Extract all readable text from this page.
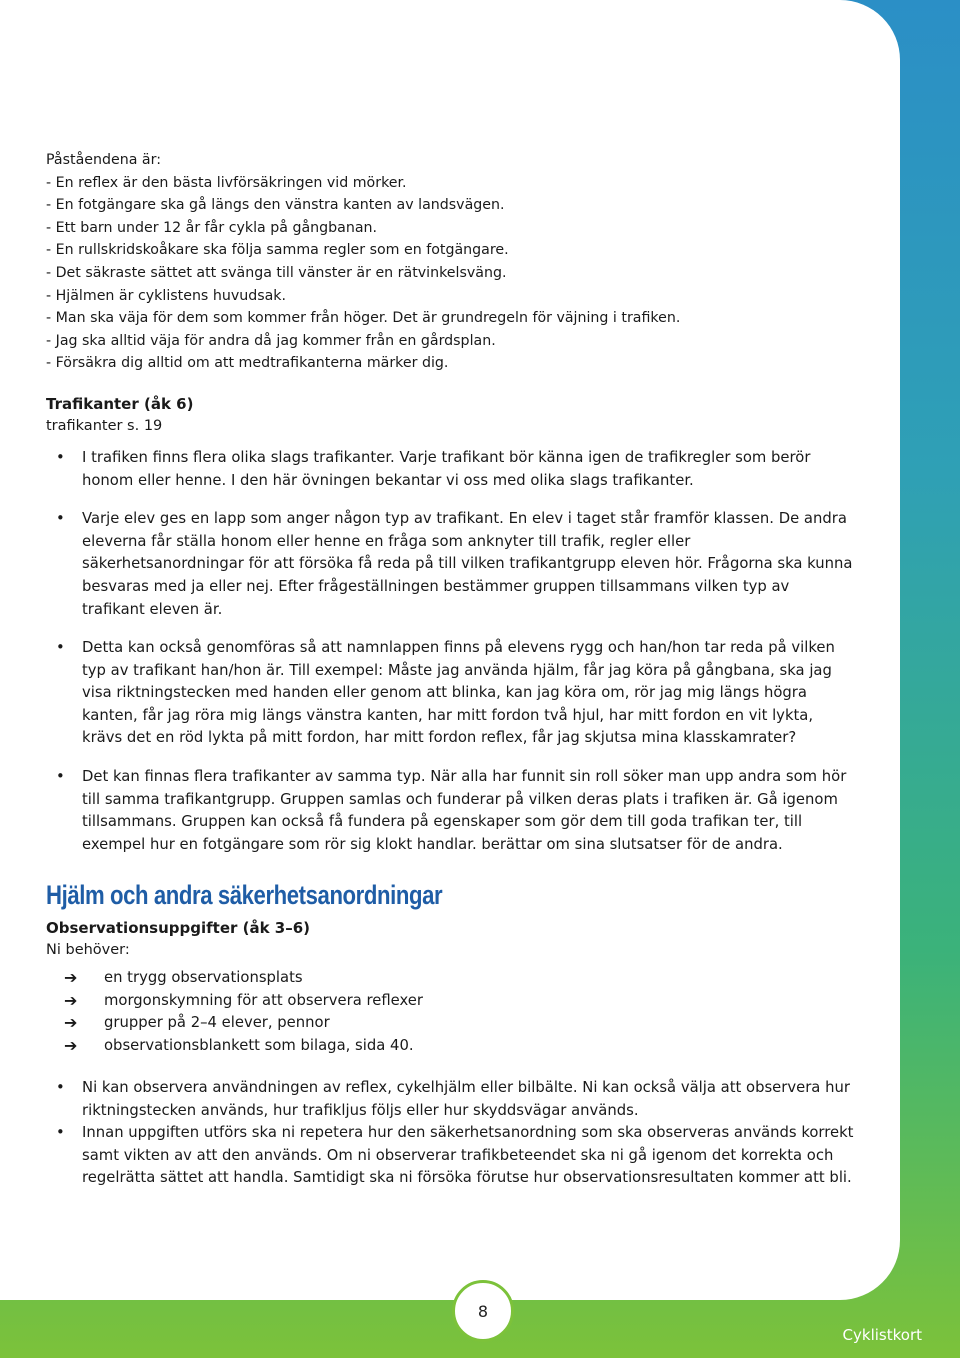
Påståendena är:

- En reflex är den bästa livförsäkringen vid mörker.

- En fotgängare ska gå längs den vänstra kanten av landsvägen.

- Ett barn under 12 år får cykla på gångbanan.

- En rullskridskoåkare ska följa samma regler som en fotgängare.

- Det säkraste sättet att svänga till vänster är en rätvinkelsväng.

- Hjälmen är cyklistens huvudsak.

- Man ska väja för dem som kommer från höger. Det är grundregeln för väjning i trafiken.

- Jag ska alltid väja för andra då jag kommer från en gårdsplan.

- Försäkra dig alltid om att medtrafikanterna märker dig.

Trafikanter (åk 6)
trafikanter s. 19
• I trafiken finns flera olika slags trafikanter. Varje trafikant bör känna igen de trafikregler som berör honom eller henne. I den här övningen bekantar vi oss med olika slags trafikanter.
• Varje elev ges en lapp som anger någon typ av trafikant. En elev i taget står framför klassen. De andra eleverna får ställa honom eller henne en fråga som anknyter till trafik, regler eller säkerhetsanordningar för att försöka få reda på till vilken trafikantgrupp eleven hör. Frågorna ska kunna besvaras med ja eller nej. Efter frågeställningen bestämmer gruppen tillsammans vilken typ av trafikant eleven är.
• Detta kan också genomföras så att namnlappen finns på elevens rygg och han/hon tar reda på vilken typ av trafikant han/hon är. Till exempel: Måste jag använda hjälm, får jag köra på gångbana, ska jag visa riktningstecken med handen eller genom att blinka, kan jag köra om, rör jag mig längs högra kanten, får jag röra mig längs vänstra kanten, har mitt fordon två hjul, har mitt fordon en vit lykta, krävs det en röd lykta på mitt fordon, har mitt fordon reflex, får jag skjutsa mina klasskamrater?
• Det kan finnas flera trafikanter av samma typ. När alla har funnit sin roll söker man upp andra som hör till samma trafikantgrupp. Gruppen samlas och funderar på vilken deras plats i trafiken är. Gå igenom tillsammans. Gruppen kan också få fundera på egenskaper som gör dem till goda trafikan ter, till exempel hur en fotgängare som rör sig klokt handlar. berättar om sina slutsatser för de andra.
Hjälm och andra säkerhetsanordningar
Observationsuppgifter (åk 3–6)
Ni behöver:
➔ en trygg observationsplats
➔ morgonskymning för att observera reflexer
➔ grupper på 2–4 elever, pennor
➔ observationsblankett som bilaga, sida 40.
• Ni kan observera användningen av reflex, cykelhjälm eller bilbälte. Ni kan också välja att observera hur riktningstecken används, hur trafikljus följs eller hur skyddsvägar används.
• Innan uppgiften utförs ska ni repetera hur den säkerhetsanordning som ska observeras används korrekt samt vikten av att den används. Om ni observerar trafikbeteendet ska ni gå igenom det korrekta och regelrätta sättet att handla. Samtidigt ska ni försöka förutse hur observationsresultaten kommer att bli.
8
Cyklistkort
